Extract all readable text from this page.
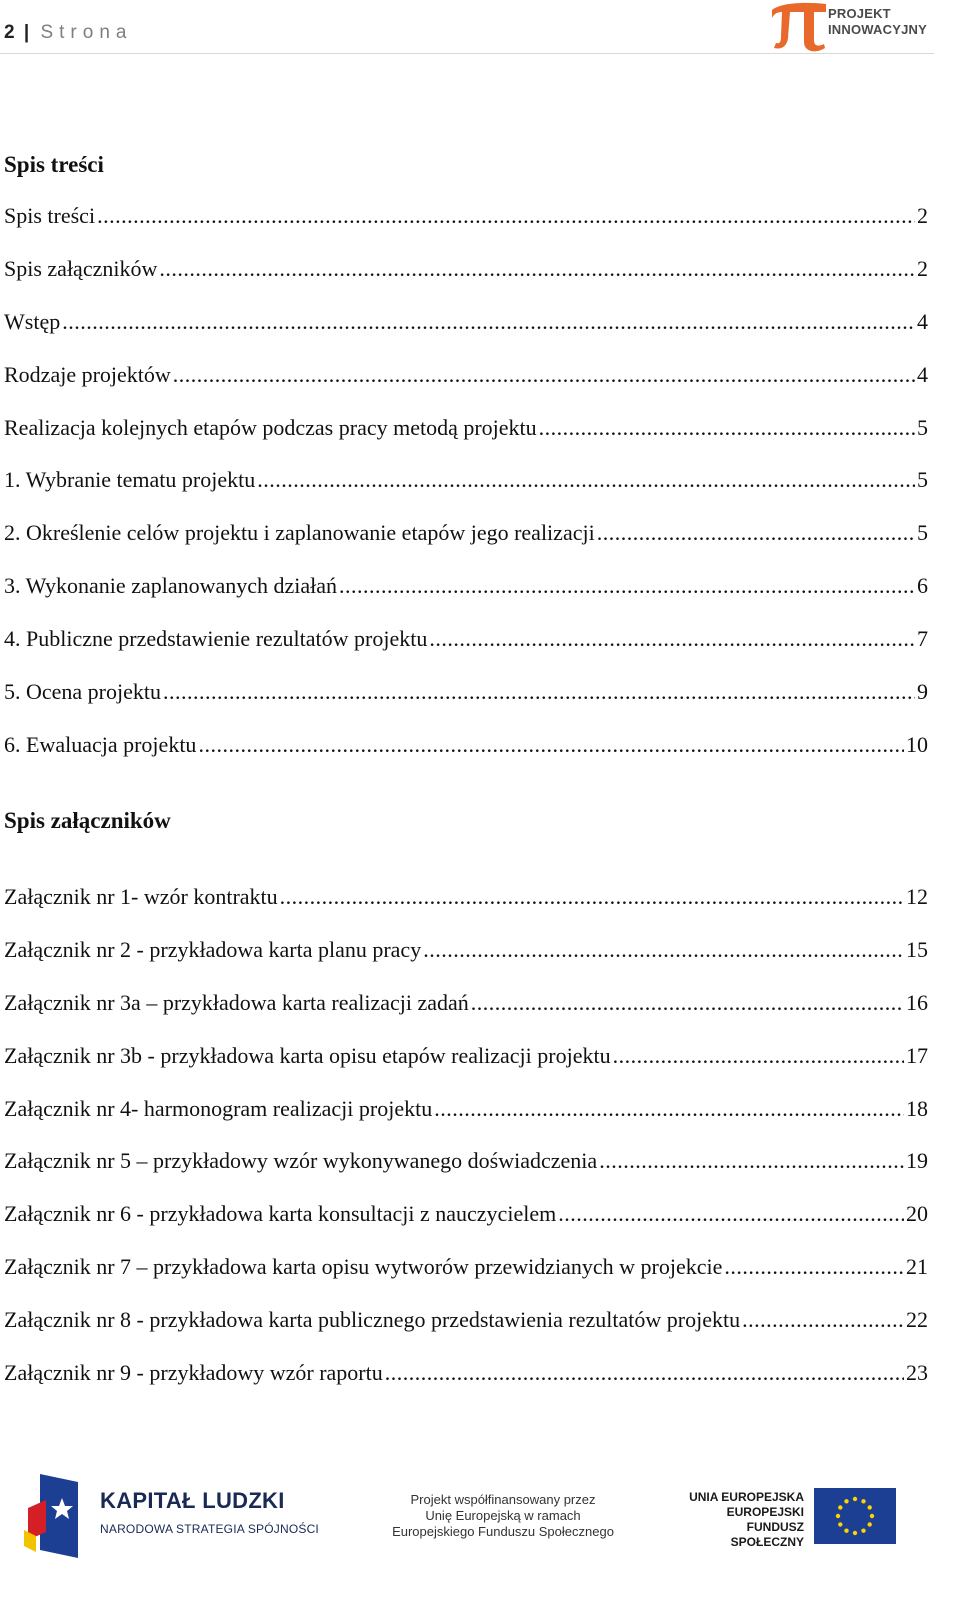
2 | Strona
PROJEKT
INNOWACYJNY
Spis treści
Spis treści .....	2
Spis załączników .....	2
Wstęp .....	4
Rodzaje projektów .....	4
Realizacja kolejnych etapów podczas pracy metodą projektu .....	5
1. Wybranie tematu projektu .....	5
2. Określenie celów projektu i zaplanowanie etapów jego realizacji .....	5
3. Wykonanie zaplanowanych działań .....	6
4. Publiczne przedstawienie rezultatów projektu .....	7
5. Ocena projektu .....	9
6. Ewaluacja projektu .....	10
Spis załączników
Załącznik nr 1- wzór kontraktu .....	12
Załącznik nr 2 - przykładowa karta planu pracy .....	15
Załącznik nr 3a – przykładowa karta realizacji zadań .....	16
Załącznik nr 3b - przykładowa karta opisu etapów realizacji projektu .....	17
Załącznik nr 4- harmonogram realizacji projektu .....	18
Załącznik nr 5 – przykładowy wzór wykonywanego doświadczenia .....	19
Załącznik nr 6 - przykładowa karta konsultacji z nauczycielem .....	20
Załącznik nr 7 – przykładowa karta opisu wytworów przewidzianych w projekcie .....	21
Załącznik nr 8 - przykładowa karta publicznego przedstawienia rezultatów projektu .....	22
Załącznik nr 9 - przykładowy wzór raportu .....	23
KAPITAŁ LUDZKI
NARODOWA STRATEGIA SPÓJNOŚCI
Projekt współfinansowany przez
Unię Europejską w ramach
Europejskiego Funduszu Społecznego
UNIA EUROPEJSKA
EUROPEJSKI
FUNDUSZ SPOŁECZNY
